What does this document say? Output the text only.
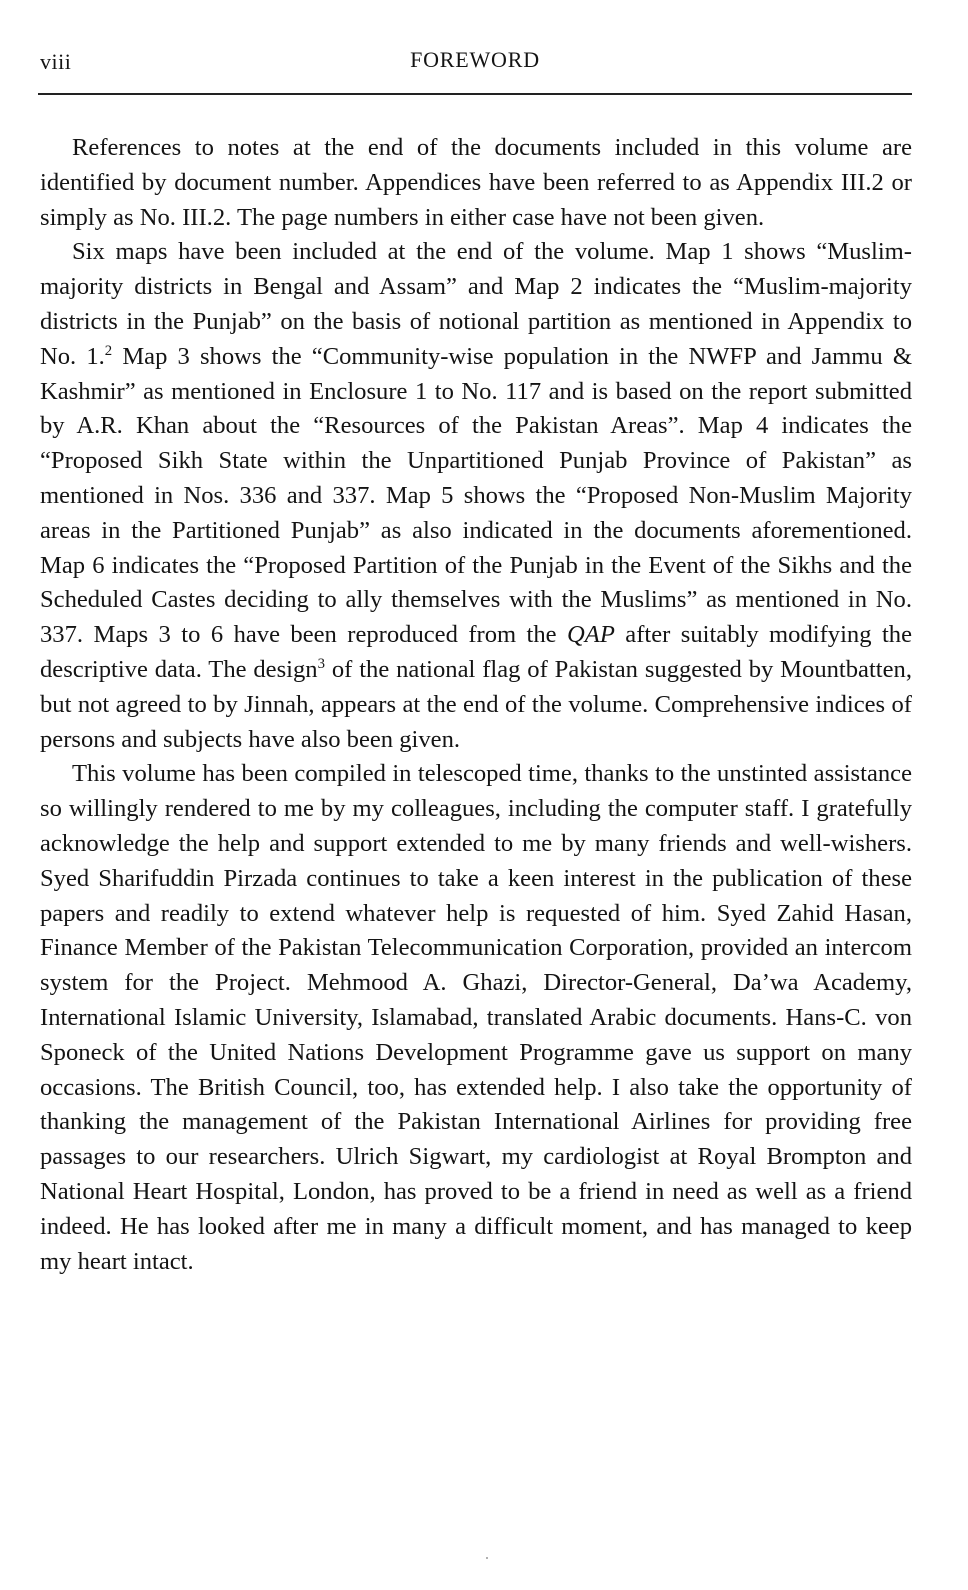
viii	FOREWORD

References to notes at the end of the documents included in this volume are identified by document number. Appendices have been referred to as Appendix III.2 or simply as No. III.2. The page numbers in either case have not been given.

Six maps have been included at the end of the volume. Map 1 shows “Muslim-majority districts in Bengal and Assam” and Map 2 indicates the “Muslim-majority districts in the Punjab” on the basis of notional partition as mentioned in Appendix to No. 1.$^2$ Map 3 shows the “Community-wise population in the NWFP and Jammu & Kashmir” as mentioned in Enclosure 1 to No. 117 and is based on the report submitted by A.R. Khan about the “Resources of the Pakistan Areas”. Map 4 indicates the “Proposed Sikh State within the Unpartitioned Punjab Province of Pakistan” as mentioned in Nos. 336 and 337. Map 5 shows the “Proposed Non-Muslim Majority areas in the Partitioned Punjab” as also indicated in the documents aforementioned. Map 6 indicates the “Proposed Partition of the Punjab in the Event of the Sikhs and the Scheduled Castes deciding to ally themselves with the Muslims” as mentioned in No. 337. Maps 3 to 6 have been reproduced from the QAP after suitably modifying the descriptive data. The design$^3$ of the national flag of Pakistan suggested by Mountbatten, but not agreed to by Jinnah, appears at the end of the volume. Comprehensive indices of persons and subjects have also been given.

This volume has been compiled in telescoped time, thanks to the unstinted assistance so willingly rendered to me by my colleagues, including the computer staff. I gratefully acknowledge the help and support extended to me by many friends and well-wishers. Syed Sharifuddin Pirzada continues to take a keen interest in the publication of these papers and readily to extend whatever help is requested of him. Syed Zahid Hasan, Finance Member of the Pakistan Telecommunication Corporation, provided an intercom system for the Project. Mehmood A. Ghazi, Director-General, Da’wa Academy, International Islamic University, Islamabad, translated Arabic documents. Hans-C. von Sponeck of the United Nations Development Programme gave us support on many occasions. The British Council, too, has extended help. I also take the opportunity of thanking the management of the Pakistan International Airlines for providing free passages to our researchers. Ulrich Sigwart, my cardiologist at Royal Brompton and National Heart Hospital, London, has proved to be a friend in need as well as a friend indeed. He has looked after me in many a difficult moment, and has managed to keep my heart intact.
